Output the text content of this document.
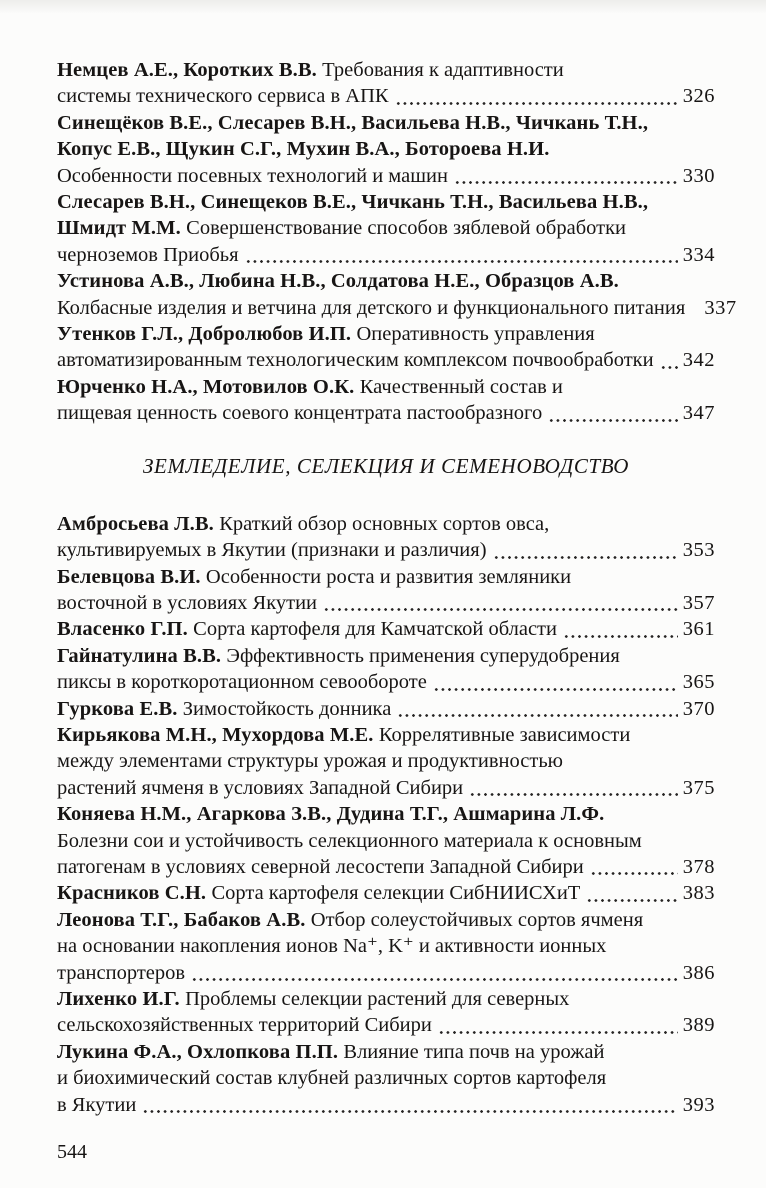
Немцев А.Е., Коротких В.В. Требования к адаптивности
системы технического сервиса в АПК	326
Синещёков В.Е., Слесарев В.Н., Васильева Н.В., Чичкань Т.Н.,
Копус Е.В., Щукин С.Г., Мухин В.А., Ботороева Н.И.
Особенности посевных технологий и машин	330
Слесарев В.Н., Синещеков В.Е., Чичкань Т.Н., Васильева Н.В.,
Шмидт М.М. Совершенствование способов зяблевой обработки
черноземов Приобья	334
Устинова А.В., Любина Н.В., Солдатова Н.Е., Образцов А.В.
Колбасные изделия и ветчина для детского и функционального питания 337
Утенков Г.Л., Добролюбов И.П. Оперативность управления
автоматизированным технологическим комплексом почвообработки 342
Юрченко Н.А., Мотовилов О.К. Качественный состав и
пищевая ценность соевого концентрата пастообразного	347
ЗЕМЛЕДЕЛИЕ, СЕЛЕКЦИЯ И СЕМЕНОВОДСТВО
Амбросьева Л.В. Краткий обзор основных сортов овса,
культивируемых в Якутии (признаки и различия)	353
Белевцова В.И. Особенности роста и развития земляники
восточной в условиях Якутии	357
Власенко Г.П. Сорта картофеля для Камчатской области	361
Гайнатулина В.В. Эффективность применения суперудобрения
пиксы в короткоротационном севообороте	365
Гуркова Е.В. Зимостойкость донника	370
Кирьякова М.Н., Мухордова М.Е. Коррелятивные зависимости
между элементами структуры урожая и продуктивностью
растений ячменя в условиях Западной Сибири	375
Коняева Н.М., Агаркова З.В., Дудина Т.Г., Ашмарина Л.Ф.
Болезни сои и устойчивость селекционного материала к основным
патогенам в условиях северной лесостепи Западной Сибири	378
Красников С.Н. Сорта картофеля селекции СибНИИСХиТ	383
Леонова Т.Г., Бабаков А.В. Отбор солеустойчивых сортов ячменя
на основании накопления ионов Na⁺, K⁺ и активности ионных
транспортеров	386
Лихенко И.Г. Проблемы селекции растений для северных
сельскохозяйственных территорий Сибири	389
Лукина Ф.А., Охлопкова П.П. Влияние типа почв на урожай
и биохимический состав клубней различных сортов картофеля
в Якутии	393
544
